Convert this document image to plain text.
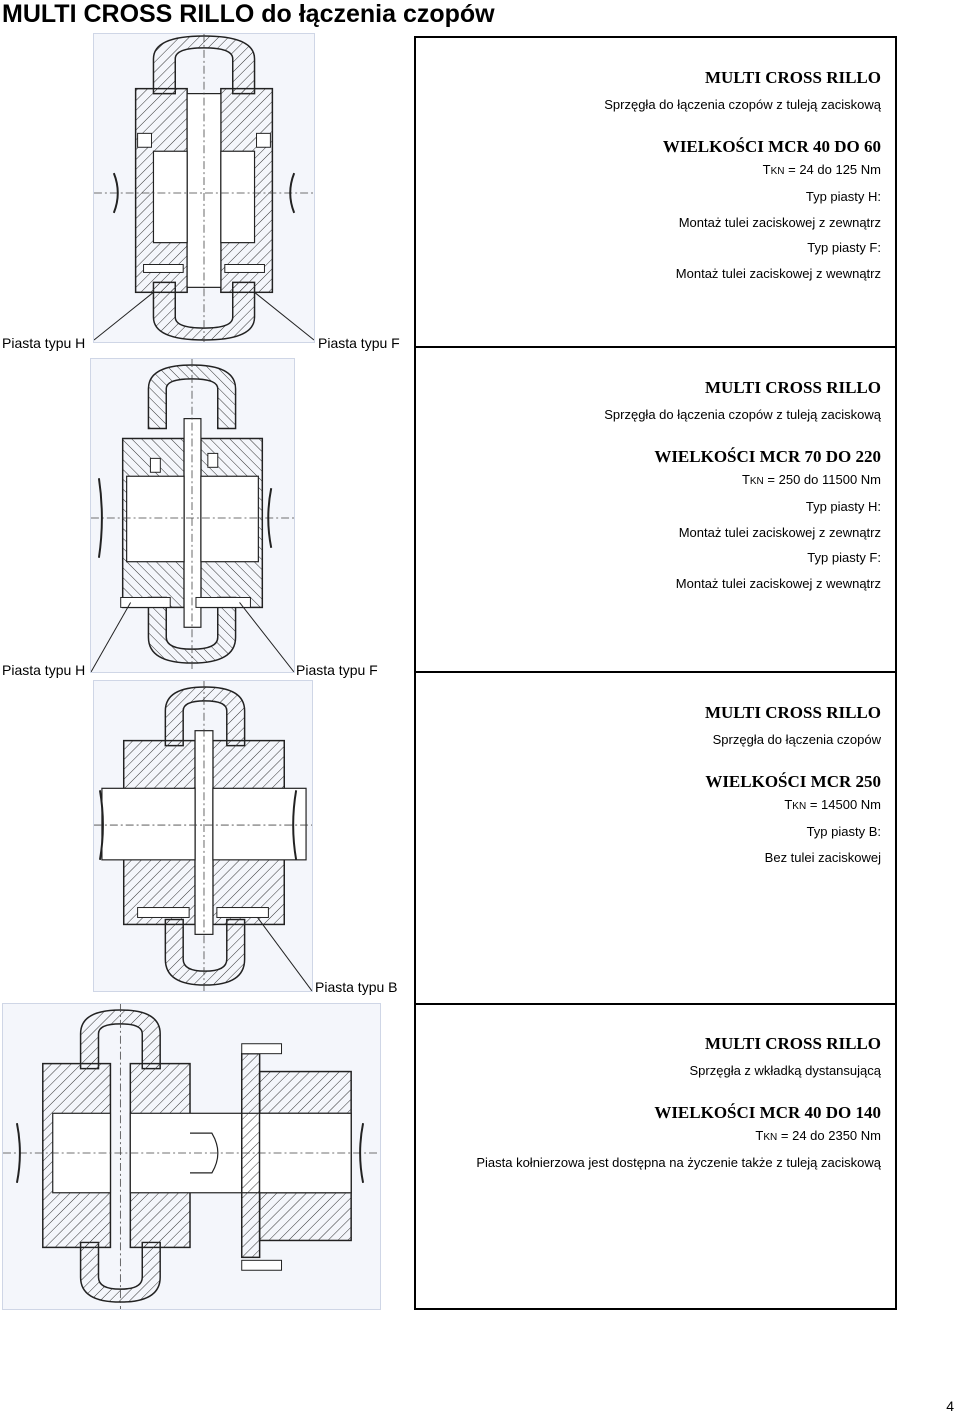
MULTI CROSS RILLO do łączenia czopów
MULTI CROSS RILLO
Sprzęgła do łączenia czopów z tuleją zaciskową
WIELKOŚCI MCR 40 DO 60
TKN = 24 do 125 Nm
Typ piasty H:
Montaż tulei zaciskowej z zewnątrz
Typ piasty F:
Montaż tulei zaciskowej z wewnątrz
Piasta typu H	Piasta typu F
MULTI CROSS RILLO
Sprzęgła do łączenia czopów z tuleją zaciskową
WIELKOŚCI MCR 70 DO 220
TKN = 250 do 11500 Nm
Typ piasty H:
Montaż tulei zaciskowej z zewnątrz
Typ piasty F:
Montaż tulei zaciskowej z wewnątrz
Piasta typu H	Piasta typu F
MULTI CROSS RILLO
Sprzęgła do łączenia czopów
WIELKOŚCI MCR 250
TKN = 14500 Nm
Typ piasty B:
Bez tulei zaciskowej
Piasta typu B
MULTI CROSS RILLO
Sprzęgła z wkładką dystansującą
WIELKOŚCI MCR 40 DO 140
TKN = 24 do 2350 Nm
Piasta kołnierzowa jest dostępna na życzenie także z tuleją zaciskową
4
